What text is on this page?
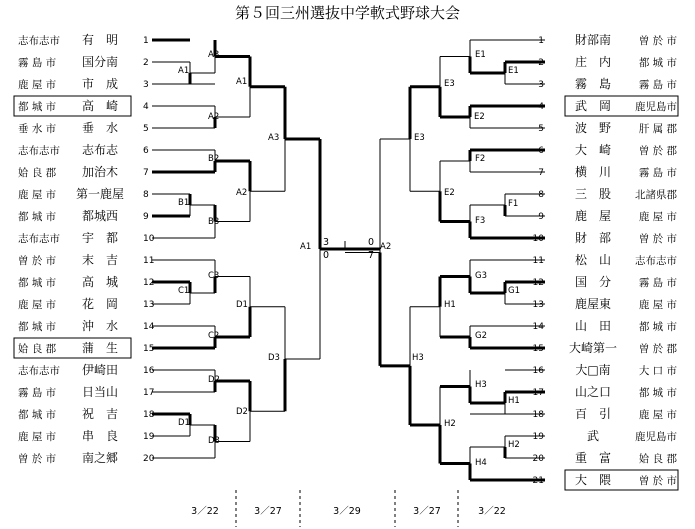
第５回三州選抜中学軟式野球大会
志布志市 有　明	1
霧 島 市 国分南	2
鹿 屋 市 市　成	3
都 城 市 高　崎	4
垂 水 市 垂　水	5
志布志市 志布志	6
姶 良 郡 加治木	7
鹿 屋 市 第一鹿屋 8
都 城 市 都城西	9
志布志市 宇　都	10
曽 於 市 末　吉	11
都 城 市 高　城	12
鹿 屋 市 花　岡	13
都 城 市 沖　水	14
姶 良 郡 蒲　生	15
志布志市 伊崎田	16
霧 島 市 日当山	17
都 城 市 祝　吉	18
鹿 屋 市 串　良	19
曽 於 市 南之郷	20
1	財部南	曽 於 市
2	庄　内	都 城 市
3	霧　島	霧 島 市
4	武　岡 鹿児島市
5	波　野	肝 属 郡
6	大　崎	曽 於 郡
7	横　川	霧 島 市
8	三　股 北諸県郡
9	鹿　屋	鹿 屋 市
10	財　部	曽 於 市
11	松　山 志布志市
12	国　分	霧 島 市
13	鹿屋東	鹿 屋 市
14	山　田	都 城 市
15 大崎第一 曽 於 郡
16	大□南	大 口 市
17	山之口	都 城 市
18	百　引	鹿 屋 市
19	武	鹿児島市
20	重　富	姶 良 郡
21	大　隈	曽 於 市
A1
A1
A2
A3
B1
B2
A2
B3
C1
C2
C3
D1
D1
D2
D3
D2
A3
D3
A1
E1
E1
E2
E3
F1
F2
F3
E2
G1
G2
G3
H1
H1
H2
H3
H4
H2
E3
H3
A2
3
0
0
7
3／22	3／27	3／29	3／27	3／22
